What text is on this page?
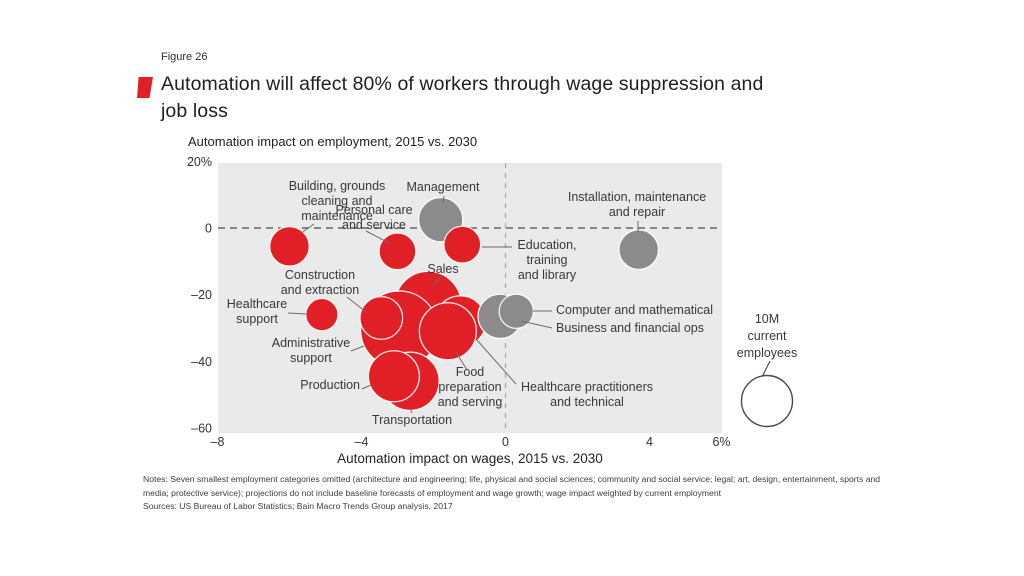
–8	–4	0	4	6%
20%
0
–20
–40
–60
Management
Building, grounds cleaning and maintenance
Personal care and service
Education, training and library
Installation, maintenance and repair
Healthcare support
Sales
Administrative support
Healthcare practitioners and technical
Food preparation and serving
Construction and extraction
Transportation
Production
Business and financial ops
Computer and mathematical
10M current employees
Figure 26
Automation will affect 80% of workers through wage suppression and
job loss
Automation impact on employment, 2015 vs. 2030
Automation impact on wages, 2015 vs. 2030
Notes: Seven smallest employment categories omitted (architecture and engineering; life, physical and social sciences; community and social service; legal; art, design, entertainment, sports and media; protective service); projections do not include baseline forecasts of employment and wage growth; wage impact weighted by current employment
Sources: US Bureau of Labor Statistics; Bain Macro Trends Group analysis, 2017
